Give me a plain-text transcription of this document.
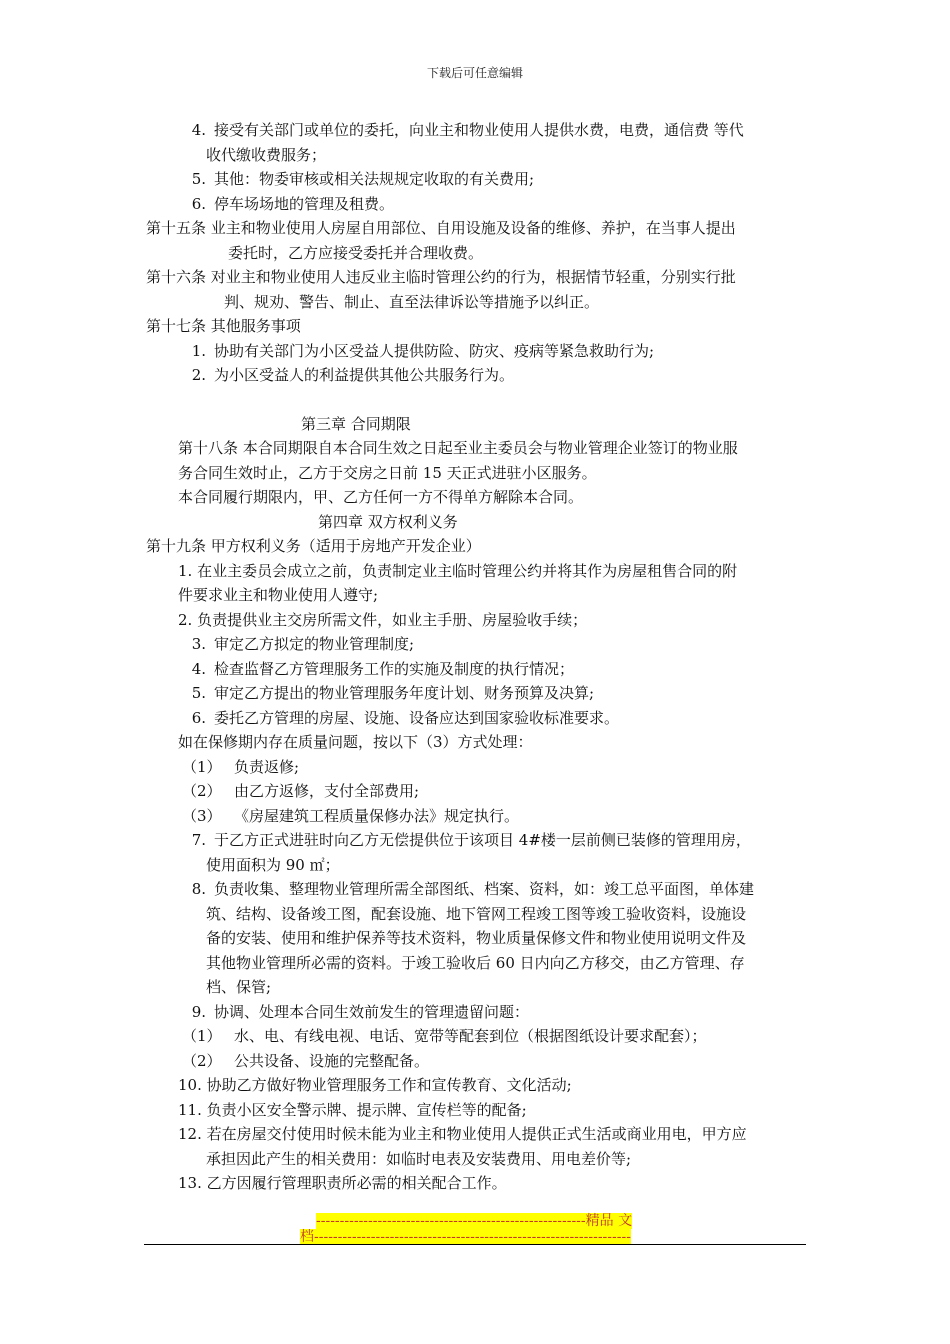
下载后可任意编辑
4. 接受有关部门或单位的委托，向业主和物业使用人提供水费，电费，通信费 等代
收代缴收费服务；
5. 其他：物委审核或相关法规规定收取的有关费用;
6. 停车场场地的管理及租费。
第十五条 业主和物业使用人房屋自用部位、自用设施及设备的维修、养护，在当事人提出
委托时，乙方应接受委托并合理收费。
第十六条 对业主和物业使用人违反业主临时管理公约的行为，根据情节轻重，分别实行批
判、规劝、警告、制止、直至法律诉讼等措施予以纠正。
第十七条 其他服务事项
1. 协助有关部门为小区受益人提供防险、防灾、疫病等紧急救助行为;
2. 为小区受益人的利益提供其他公共服务行为。
第三章 合同期限
第十八条 本合同期限自本合同生效之日起至业主委员会与物业管理企业签订的物业服
务合同生效时止，乙方于交房之日前 15 天正式进驻小区服务。
本合同履行期限内，甲、乙方任何一方不得单方解除本合同。
第四章 双方权利义务
第十九条 甲方权利义务（适用于房地产开发企业）
1. 在业主委员会成立之前，负责制定业主临时管理公约并将其作为房屋租售合同的附
件要求业主和物业使用人遵守;
2. 负责提供业主交房所需文件，如业主手册、房屋验收手续；
3. 审定乙方拟定的物业管理制度;
4. 检查监督乙方管理服务工作的实施及制度的执行情况；
5. 审定乙方提出的物业管理服务年度计划、财务预算及决算;
6. 委托乙方管理的房屋、设施、设备应达到国家验收标准要求。
如在保修期内存在质量问题，按以下（3）方式处理：
（1） 负责返修;
（2） 由乙方返修，支付全部费用;
（3） 《房屋建筑工程质量保修办法》规定执行。
7. 于乙方正式进驻时向乙方无偿提供位于该项目 4#楼一层前侧已装修的管理用房，
使用面积为 90 ㎡；
8. 负责收集、整理物业管理所需全部图纸、档案、资料，如：竣工总平面图，单体建
筑、结构、设备竣工图，配套设施、地下管网工程竣工图等竣工验收资料，设施设
备的安装、使用和维护保养等技术资料，物业质量保修文件和物业使用说明文件及
其他物业管理所必需的资料。于竣工验收后 60 日内向乙方移交，由乙方管理、存
档、保管;
9. 协调、处理本合同生效前发生的管理遗留问题：
（1） 水、电、有线电视、电话、宽带等配套到位（根据图纸设计要求配套）；
（2） 公共设备、设施的完整配备。
10. 协助乙方做好物业管理服务工作和宣传教育、文化活动;
11. 负责小区安全警示牌、提示牌、宣传栏等的配备;
12. 若在房屋交付使用时候未能为业主和物业使用人提供正式生活或商业用电，甲方应
承担因此产生的相关费用：如临时电表及安装费用、用电差价等;
13. 乙方因履行管理职责所必需的相关配合工作。
---------------------------------------------------------精品 文
档-------------------------------------------------------------------
